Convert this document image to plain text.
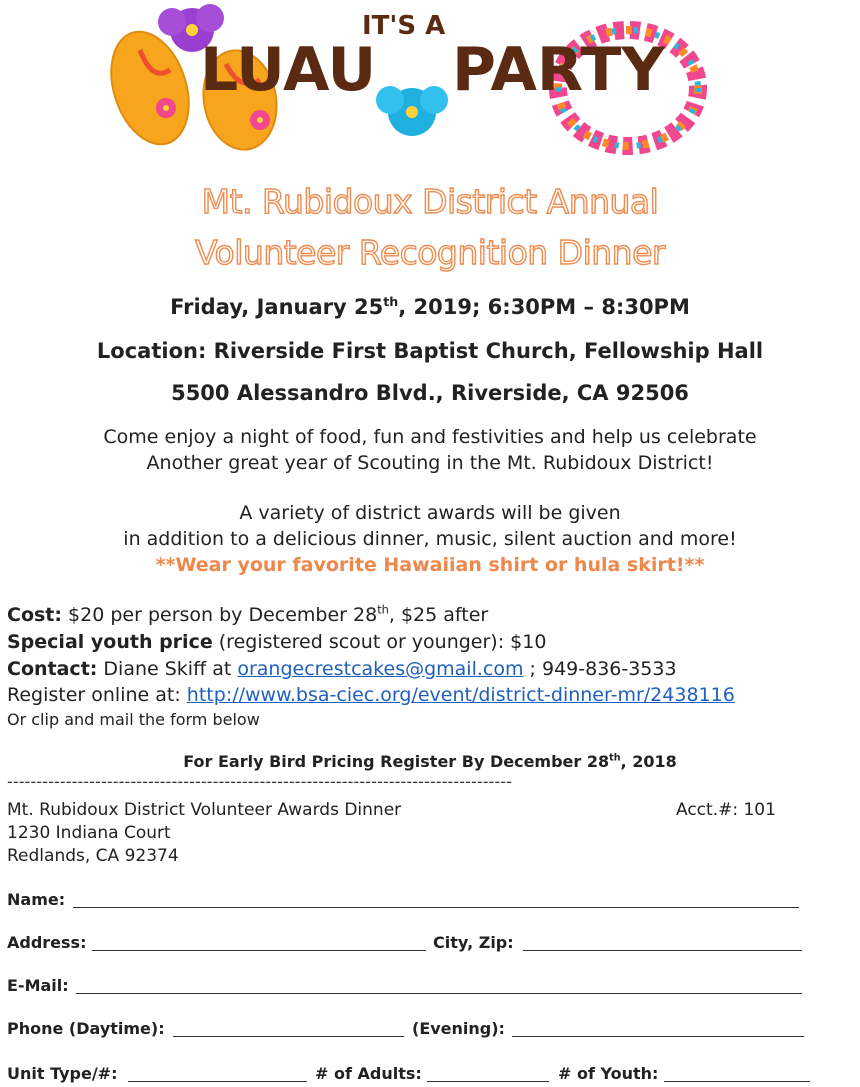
IT'S A
LUAU PARTY
Mt. Rubidoux District Annual
Volunteer Recognition Dinner
Friday, January 25th, 2019; 6:30PM – 8:30PM
Location: Riverside First Baptist Church, Fellowship Hall
5500 Alessandro Blvd., Riverside, CA 92506
Come enjoy a night of food, fun and festivities and help us celebrate
Another great year of Scouting in the Mt. Rubidoux District!
A variety of district awards will be given
in addition to a delicious dinner, music, silent auction and more!
**Wear your favorite Hawaiian shirt or hula skirt!**
Cost: $20 per person by December 28th, $25 after
Special youth price (registered scout or younger): $10
Contact: Diane Skiff at orangecrestcakes@gmail.com ; 949-836-3533
Register online at: http://www.bsa-ciec.org/event/district-dinner-mr/2438116
Or clip and mail the form below
For Early Bird Pricing Register By December 28th, 2018
--------------------------------------------------------------------------------------
Mt. Rubidoux District Volunteer Awards Dinner	Acct.#: 101
1230 Indiana Court
Redlands, CA 92374
Name:
Address:	City, Zip:
E-Mail:
Phone (Daytime):	(Evening):
Unit Type/#:	# of Adults:	# of Youth:
